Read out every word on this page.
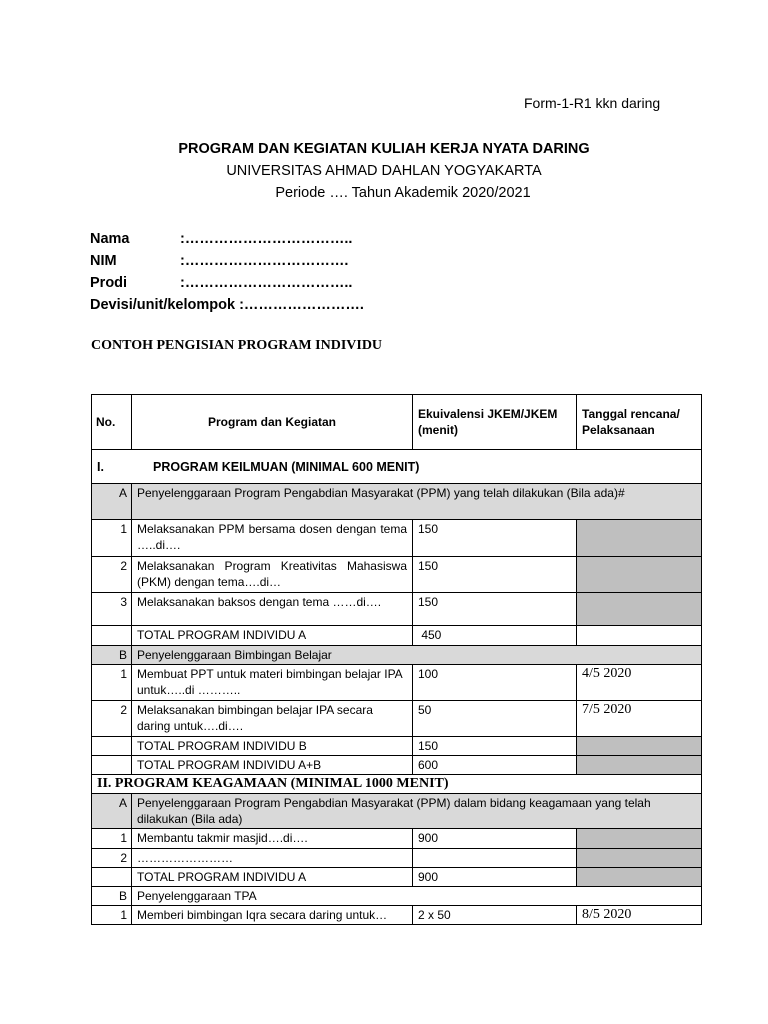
Form-1-R1 kkn daring
PROGRAM DAN KEGIATAN KULIAH KERJA NYATA DARING
UNIVERSITAS AHMAD DAHLAN YOGYAKARTA
Periode …. Tahun Akademik 2020/2021
Nama	:……………………………..
NIM	:…………………………….
Prodi	:……………………………..
Devisi/unit/kelompok :…………………….
CONTOH PENGISIAN PROGRAM INDIVIDU
No.	Program dan Kegiatan	Ekuivalensi JKEM/JKEM (menit)	Tanggal rencana/ Pelaksanaan
I. PROGRAM KEILMUAN (MINIMAL 600 MENIT)			
A	Penyelenggaraan Program Pengabdian Masyarakat (PPM) yang telah dilakukan (Bila ada)#		
1	Melaksanakan PPM bersama dosen dengan tema …..di….	150	
2	Melaksanakan Program Kreativitas Mahasiswa (PKM) dengan tema….di…	150	
3	Melaksanakan baksos dengan tema ……di….	150	
	TOTAL PROGRAM INDIVIDU A	450	
B	Penyelenggaraan Bimbingan Belajar		
1	Membuat PPT untuk materi bimbingan belajar IPA untuk…..di ………..	100	4/5 2020
2	Melaksanakan bimbingan belajar IPA secara daring untuk….di….	50	7/5 2020
	TOTAL PROGRAM INDIVIDU B	150	
	TOTAL PROGRAM INDIVIDU A+B	600	
II. PROGRAM KEAGAMAAN (MINIMAL 1000 MENIT)			
A	Penyelenggaraan Program Pengabdian Masyarakat (PPM) dalam bidang keagamaan yang telah dilakukan (Bila ada)		
1	Membantu takmir masjid….di….	900	
2	……………………		
	TOTAL PROGRAM INDIVIDU A	900	
B	Penyelenggaraan TPA		
1	Memberi bimbingan Iqra secara daring untuk…	2 x 50	8/5 2020
